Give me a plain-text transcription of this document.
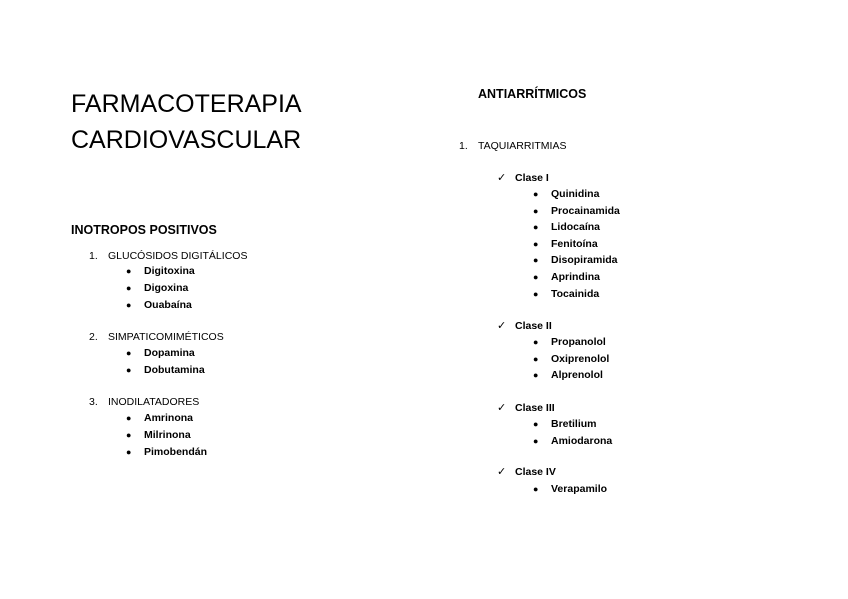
FARMACOTERAPIA
CARDIOVASCULAR
INOTROPOS POSITIVOS
1. GLUCÓSIDOS DIGITÁLICOS
● Digitoxina
● Digoxina
● Ouabaína
2. SIMPATICOMIMÉTICOS
● Dopamina
● Dobutamina
3. INODILATADORES
● Amrinona
● Milrinona
● Pimobendán
ANTIARRÍTMICOS
1. TAQUIARRITMIAS
✓ Clase I
● Quinidina
● Procainamida
● Lidocaína
● Fenitoína
● Disopiramida
● Aprindina
● Tocainida
✓ Clase II
● Propanolol
● Oxiprenolol
● Alprenolol
✓ Clase III
● Bretilium
● Amiodarona
✓ Clase IV
● Verapamilo
